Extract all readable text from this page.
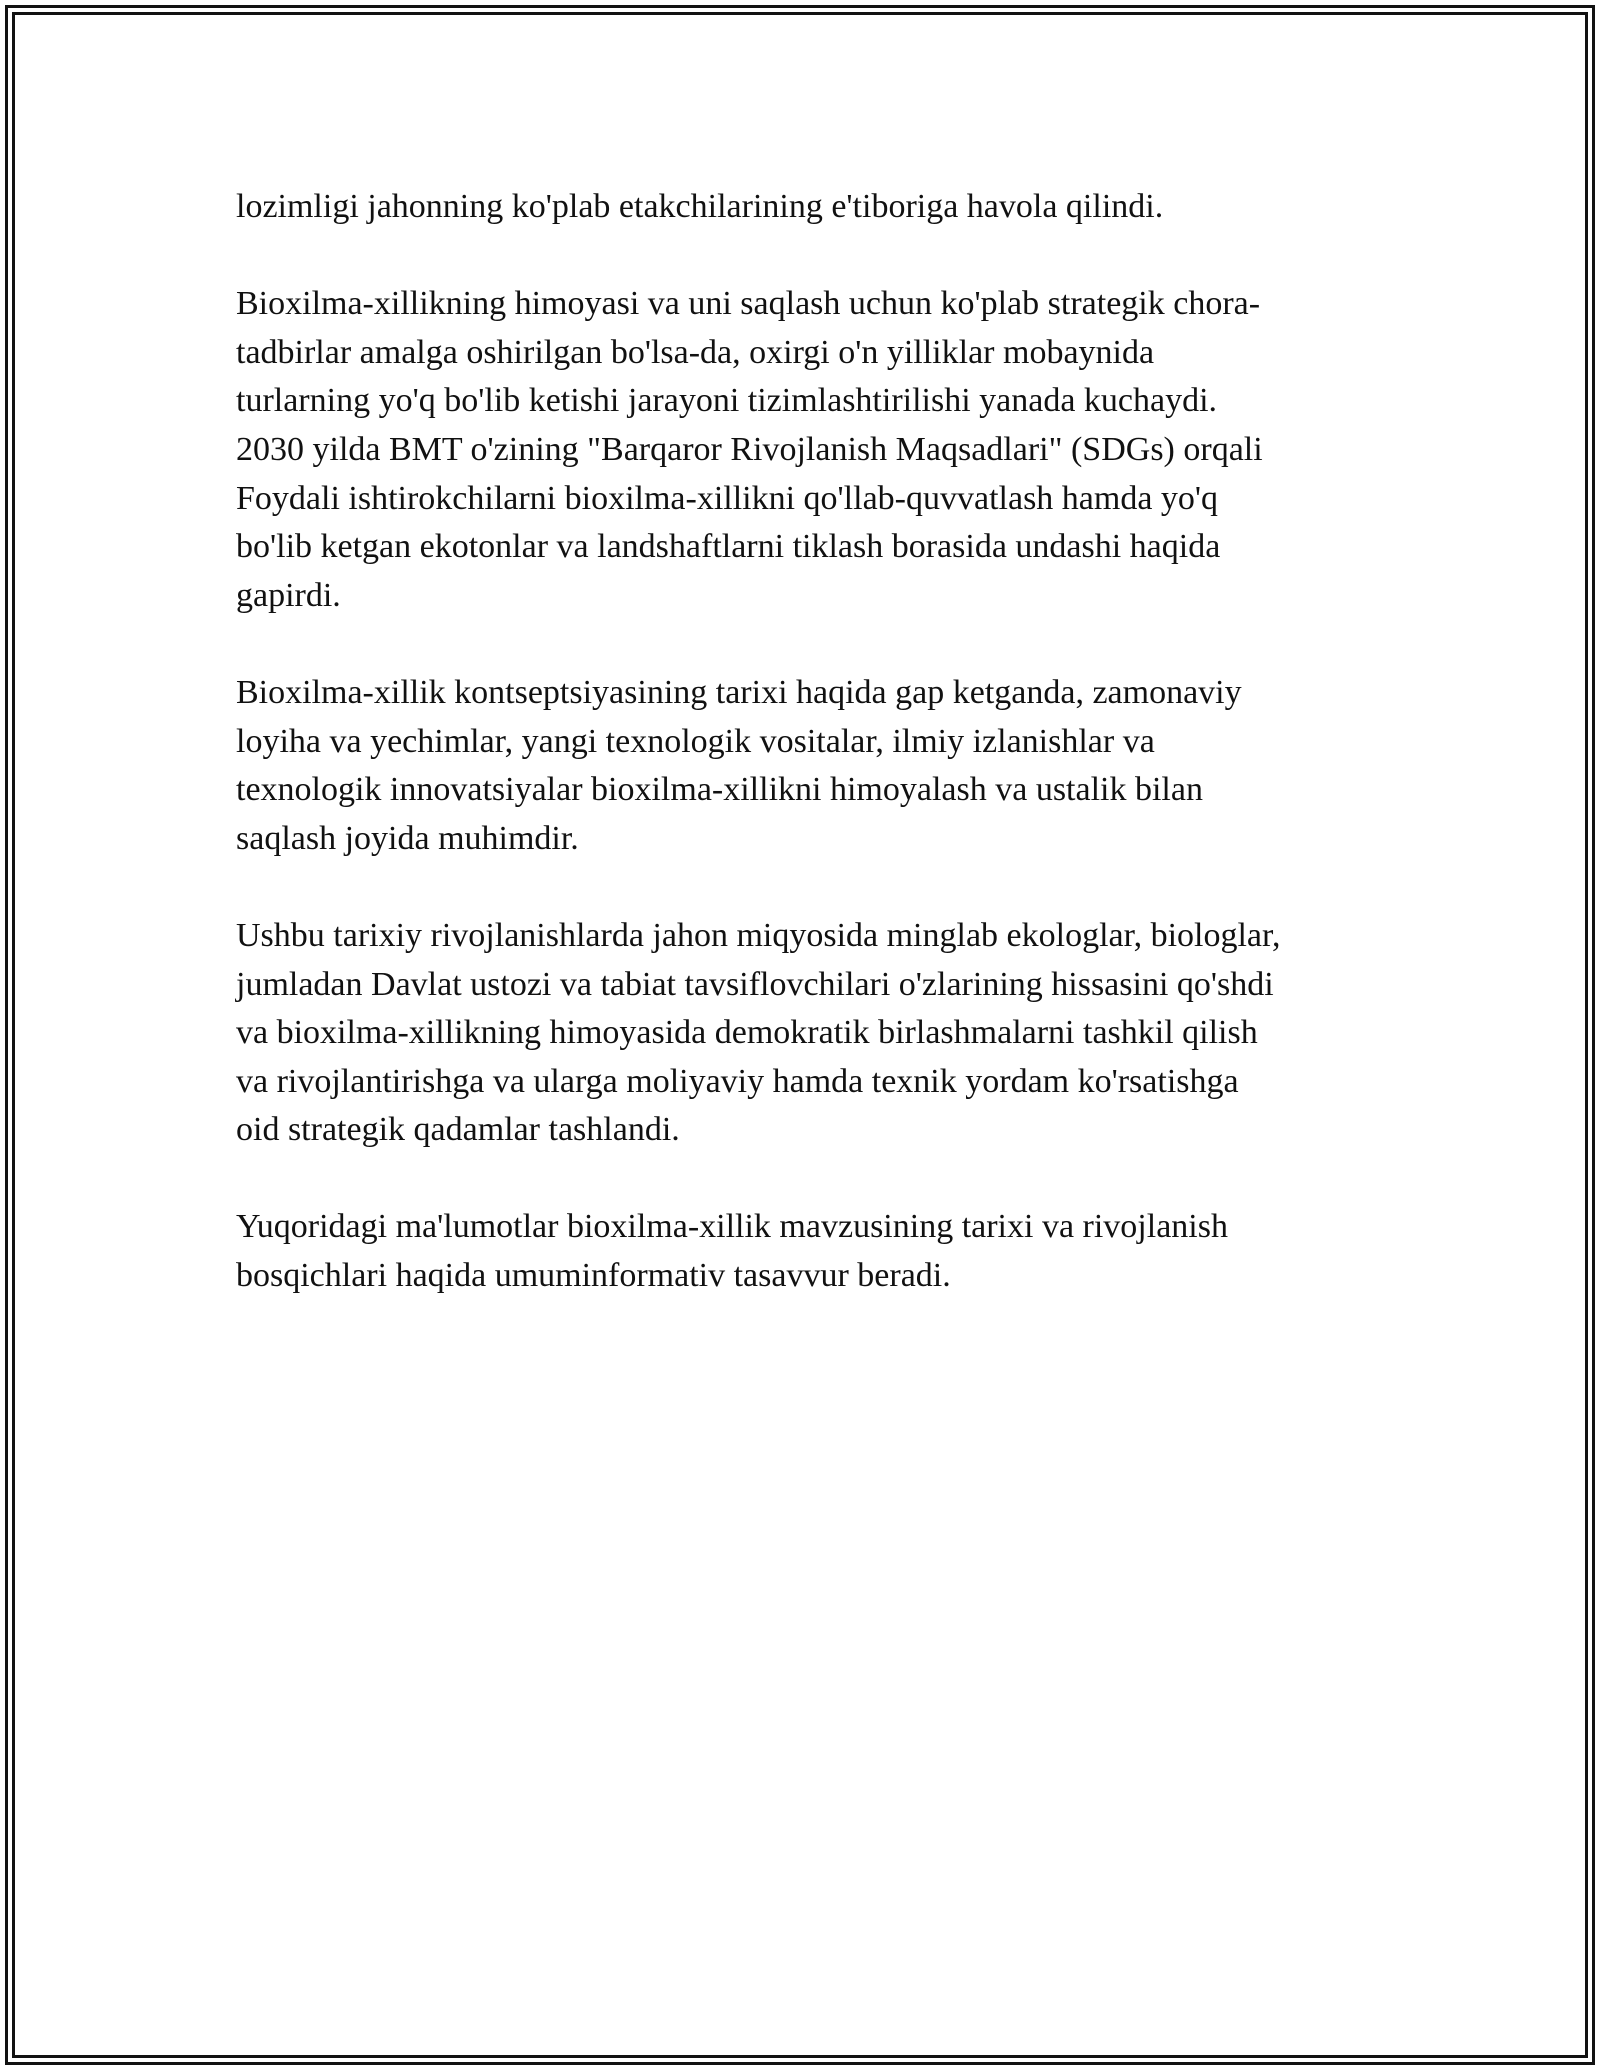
lozimligi jahonning ko'plab etakchilarining e'tiboriga havola qilindi.

Bioxilma-xillikning himoyasi va uni saqlash uchun ko'plab strategik chora-
tadbirlar amalga oshirilgan bo'lsa-da, oxirgi o'n yilliklar mobaynida
turlarning yo'q bo'lib ketishi jarayoni tizimlashtirilishi yanada kuchaydi.
2030 yilda BMT o'zining "Barqaror Rivojlanish Maqsadlari" (SDGs) orqali
Foydali ishtirokchilarni bioxilma-xillikni qo'llab-quvvatlash hamda yo'q
bo'lib ketgan ekotonlar va landshaftlarni tiklash borasida undashi haqida
gapirdi.

Bioxilma-xillik kontseptsiyasining tarixi haqida gap ketganda, zamonaviy
loyiha va yechimlar, yangi texnologik vositalar, ilmiy izlanishlar va
texnologik innovatsiyalar bioxilma-xillikni himoyalash va ustalik bilan
saqlash joyida muhimdir.

Ushbu tarixiy rivojlanishlarda jahon miqyosida minglab ekologlar, biologlar,
jumladan Davlat ustozi va tabiat tavsiflovchilari o'zlarining hissasini qo'shdi
va bioxilma-xillikning himoyasida demokratik birlashmalarni tashkil qilish
va rivojlantirishga va ularga moliyaviy hamda texnik yordam ko'rsatishga
oid strategik qadamlar tashlandi.

Yuqoridagi ma'lumotlar bioxilma-xillik mavzusining tarixi va rivojlanish
bosqichlari haqida umuminformativ tasavvur beradi.
